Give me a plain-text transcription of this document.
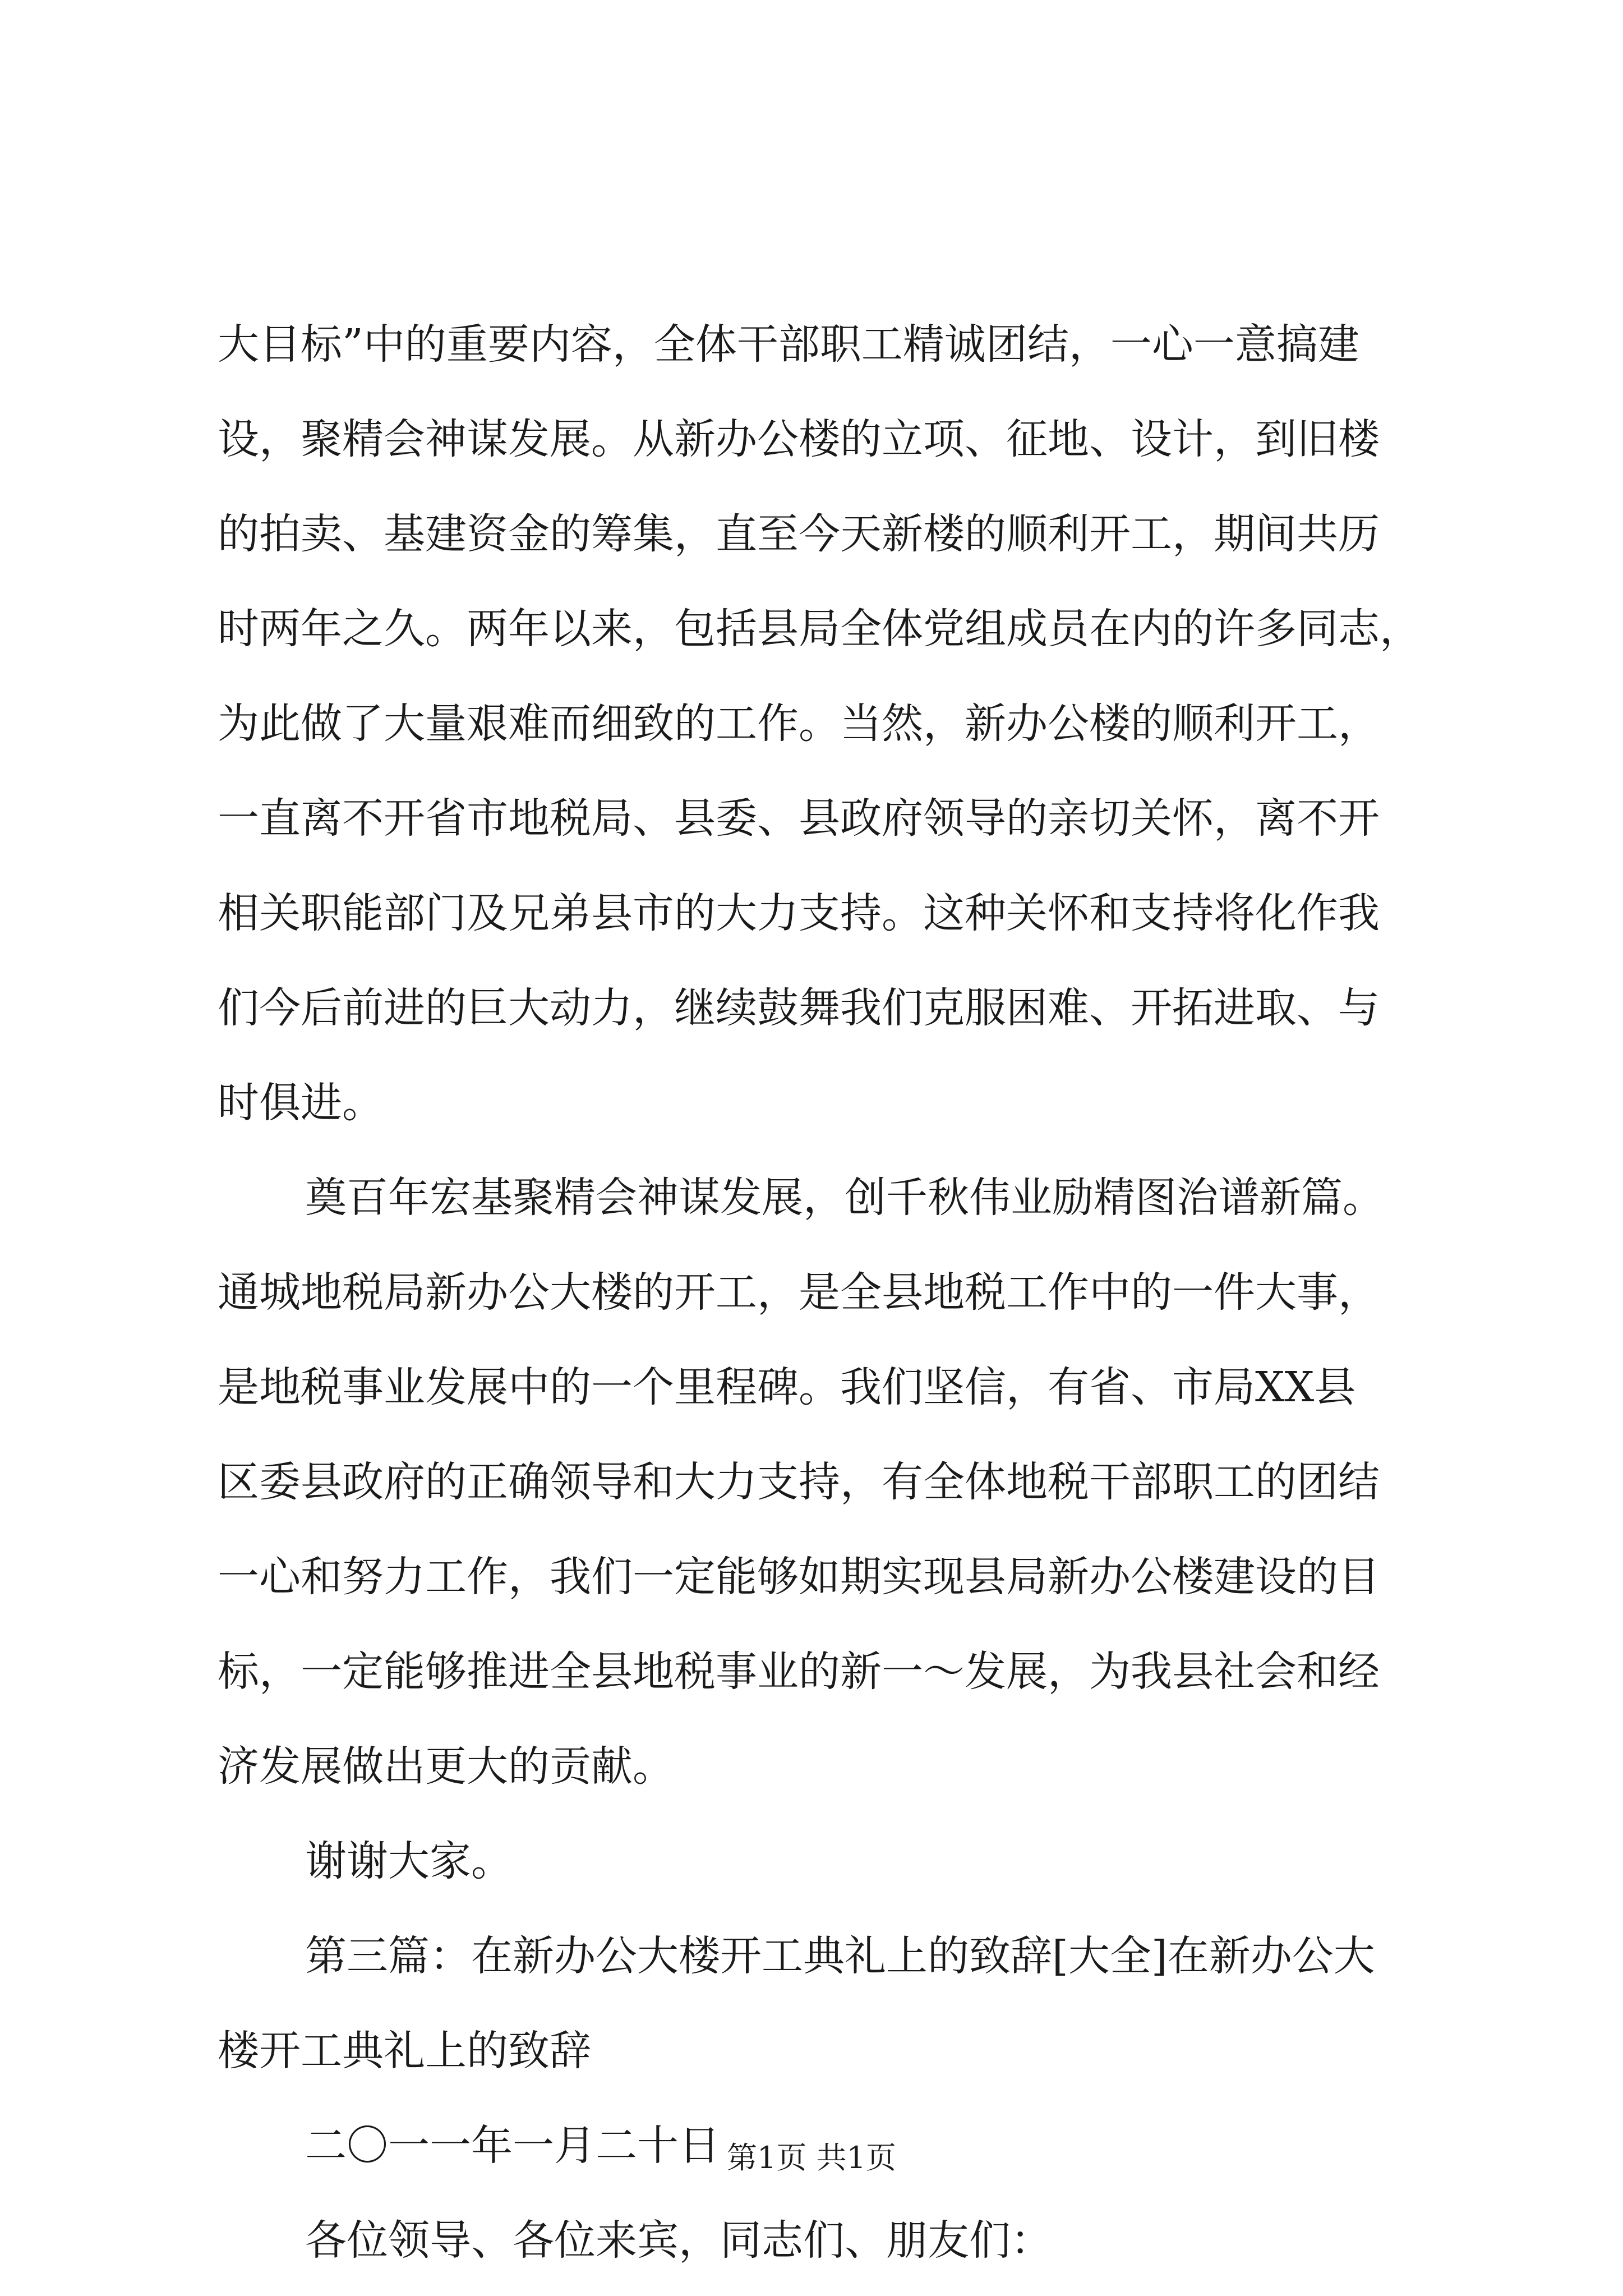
大目标”中的重要内容，全体干部职工精诚团结，一心一意搞建
设，聚精会神谋发展。从新办公楼的立项、征地、设计，到旧楼
的拍卖、基建资金的筹集，直至今天新楼的顺利开工，期间共历
时两年之久。两年以来，包括县局全体党组成员在内的许多同志，
为此做了大量艰难而细致的工作。当然，新办公楼的顺利开工，
一直离不开省市地税局、县委、县政府领导的亲切关怀，离不开
相关职能部门及兄弟县市的大力支持。这种关怀和支持将化作我
们今后前进的巨大动力，继续鼓舞我们克服困难、开拓进取、与
时俱进。
奠百年宏基聚精会神谋发展，创千秋伟业励精图治谱新篇。
通城地税局新办公大楼的开工，是全县地税工作中的一件大事，
是地税事业发展中的一个里程碑。我们坚信，有省、市局XX县
区委县政府的正确领导和大力支持，有全体地税干部职工的团结
一心和努力工作，我们一定能够如期实现县局新办公楼建设的目
标，一定能够推进全县地税事业的新一～发展，为我县社会和经
济发展做出更大的贡献。
谢谢大家。
第三篇：在新办公大楼开工典礼上的致辞[大全]在新办公大
楼开工典礼上的致辞
二〇一一年一月二十日
各位领导、各位来宾，同志们、朋友们：
第1页 共1页
